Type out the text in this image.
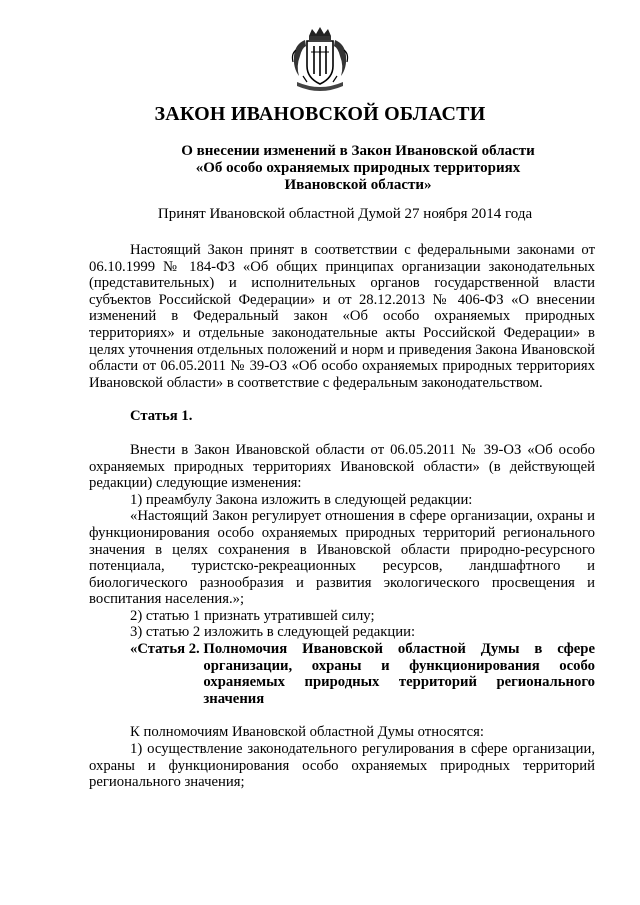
ЗАКОН ИВАНОВСКОЙ ОБЛАСТИ
О внесении изменений в Закон Ивановской области
«Об особо охраняемых природных территориях
Ивановской области»
Принят Ивановской областной Думой 27 ноября 2014 года

Настоящий Закон принят в соответствии с федеральными законами от 06.10.1999 № 184-ФЗ «Об общих принципах организации законодательных (представительных) и исполнительных органов государственной власти субъектов Российской Федерации» и от 28.12.2013 № 406-ФЗ «О внесении изменений в Федеральный закон «Об особо охраняемых природных территориях» и отдельные законодательные акты Российской Федерации» в целях уточнения отдельных положений и норм и приведения Закона Ивановской области от 06.05.2011 № 39-ОЗ «Об особо охраняемых природных территориях Ивановской области» в соответствие с федеральным законодательством.

Статья 1.

Внести в Закон Ивановской области от 06.05.2011 № 39-ОЗ «Об особо охраняемых природных территориях Ивановской области» (в действующей редакции) следующие изменения:

1) преамбулу Закона изложить в следующей редакции:

«Настоящий Закон регулирует отношения в сфере организации, охраны и функционирования особо охраняемых природных территорий регионального значения в целях сохранения в Ивановской области природно-ресурсного потенциала, туристско-рекреационных ресурсов, ландшафтного и биологического разнообразия и развития экологического просвещения и воспитания населения.»;

2) статью 1 признать утратившей силу;

3) статью 2 изложить в следующей редакции:

«Статья 2. Полномочия Ивановской областной Думы в сфере организации, охраны и функционирования особо охраняемых природных территорий регионального значения

К полномочиям Ивановской областной Думы относятся:

1) осуществление законодательного регулирования в сфере организации, охраны и функционирования особо охраняемых природных территорий регионального значения;
